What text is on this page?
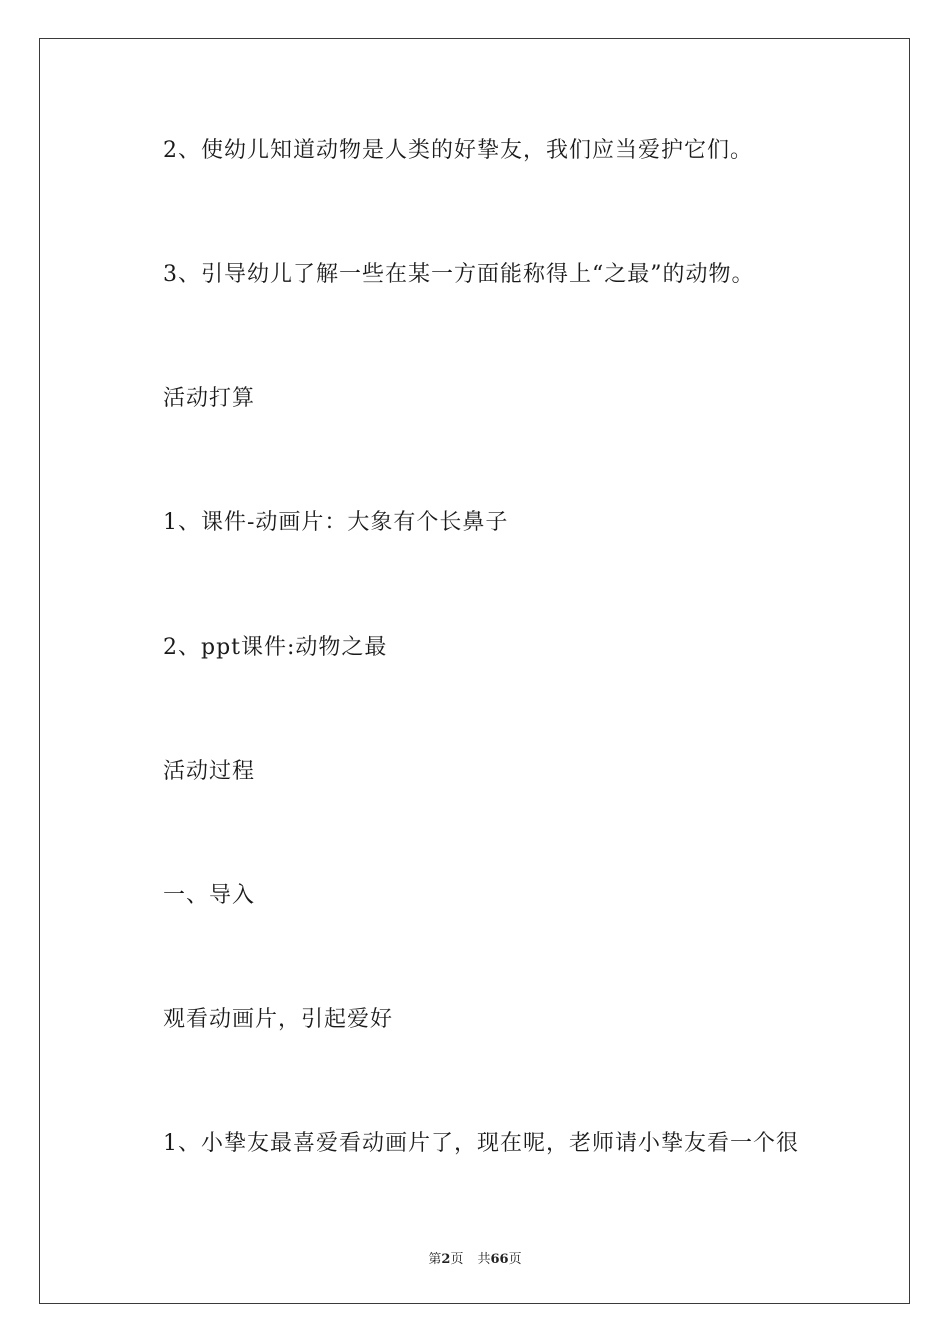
2、使幼儿知道动物是人类的好挚友，我们应当爱护它们。
3、引导幼儿了解一些在某一方面能称得上“之最”的动物。
活动打算
1、课件-动画片：大象有个长鼻子
2、ppt课件:动物之最
活动过程
一、导入
观看动画片，引起爱好
1、小挚友最喜爱看动画片了，现在呢，老师请小挚友看一个很
第2页 共66页
